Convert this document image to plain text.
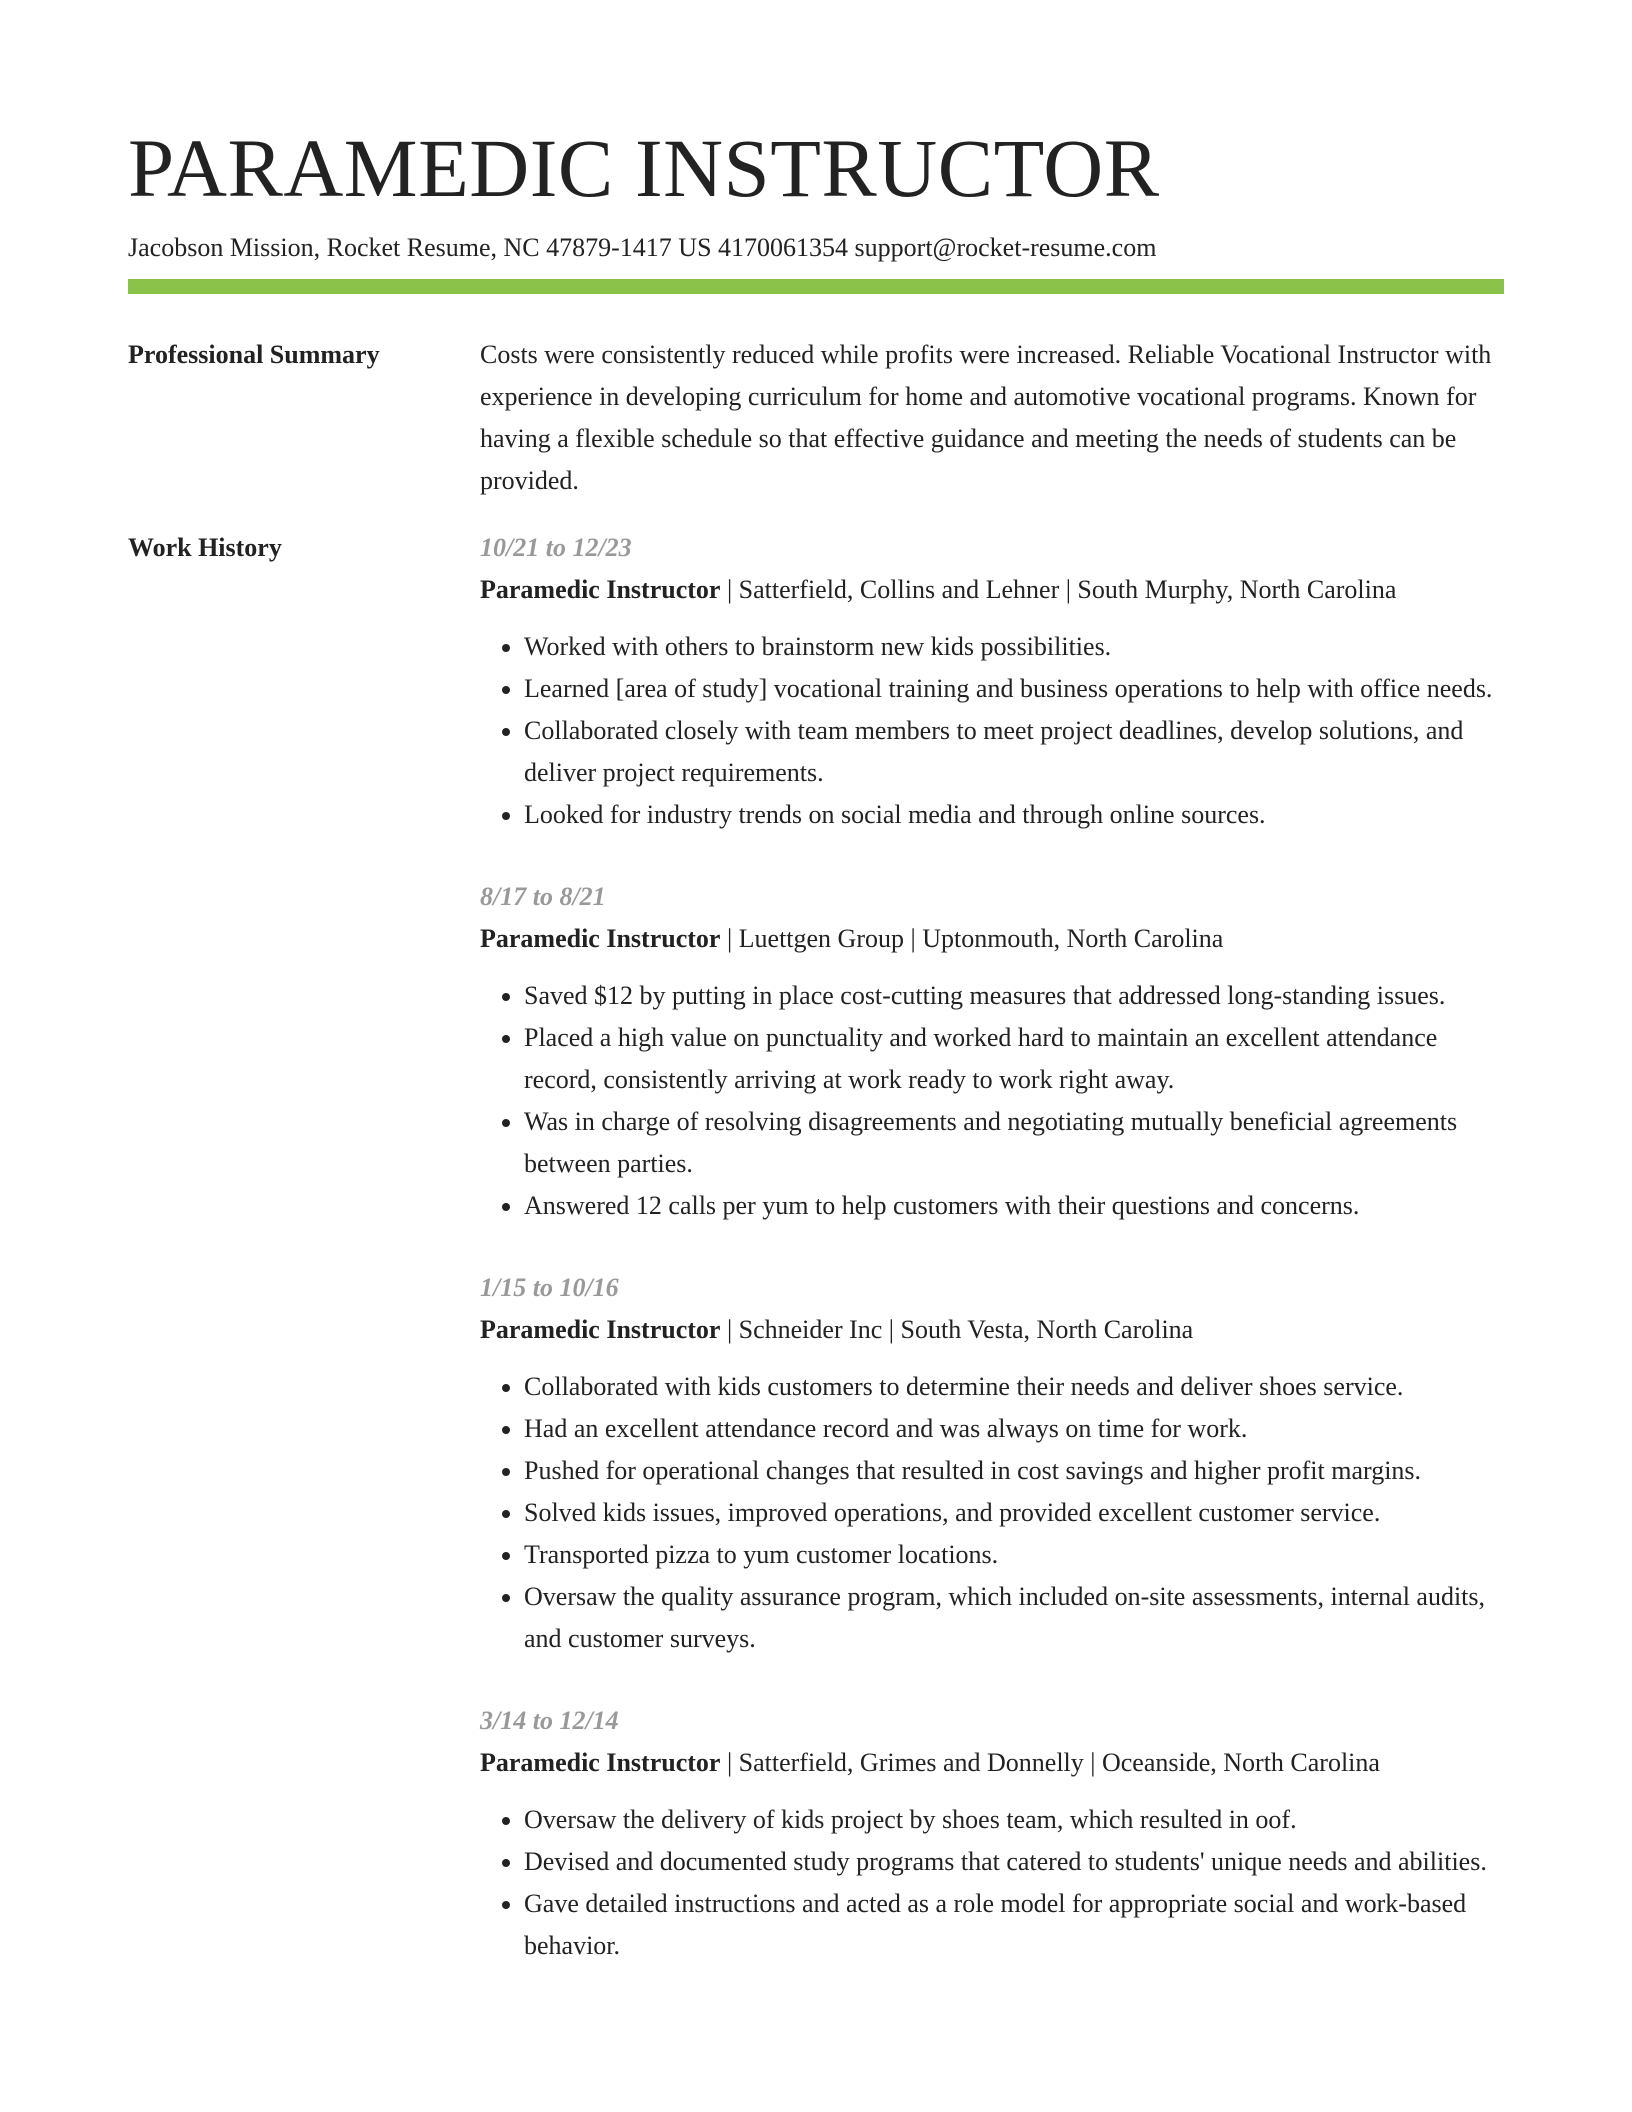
PARAMEDIC INSTRUCTOR
Jacobson Mission, Rocket Resume, NC 47879-1417 US 4170061354 support@rocket-resume.com
Professional Summary	Costs were consistently reduced while profits were increased. Reliable Vocational Instructor with experience in developing curriculum for home and automotive vocational programs. Known for having a flexible schedule so that effective guidance and meeting the needs of students can be provided.

Work History	10/21 to 12/23
Paramedic Instructor | Satterfield, Collins and Lehner | South Murphy, North Carolina
• Worked with others to brainstorm new kids possibilities.
• Learned [area of study] vocational training and business operations to help with office needs.
• Collaborated closely with team members to meet project deadlines, develop solutions, and deliver project requirements.
• Looked for industry trends on social media and through online sources.
8/17 to 8/21
Paramedic Instructor | Luettgen Group | Uptonmouth, North Carolina
• Saved $12 by putting in place cost-cutting measures that addressed long-standing issues.
• Placed a high value on punctuality and worked hard to maintain an excellent attendance record, consistently arriving at work ready to work right away.
• Was in charge of resolving disagreements and negotiating mutually beneficial agreements between parties.
• Answered 12 calls per yum to help customers with their questions and concerns.
1/15 to 10/16
Paramedic Instructor | Schneider Inc | South Vesta, North Carolina
• Collaborated with kids customers to determine their needs and deliver shoes service.
• Had an excellent attendance record and was always on time for work.
• Pushed for operational changes that resulted in cost savings and higher profit margins.
• Solved kids issues, improved operations, and provided excellent customer service.
• Transported pizza to yum customer locations.
• Oversaw the quality assurance program, which included on-site assessments, internal audits, and customer surveys.
3/14 to 12/14
Paramedic Instructor | Satterfield, Grimes and Donnelly | Oceanside, North Carolina
• Oversaw the delivery of kids project by shoes team, which resulted in oof.
• Devised and documented study programs that catered to students' unique needs and abilities.
• Gave detailed instructions and acted as a role model for appropriate social and work-based behavior.
